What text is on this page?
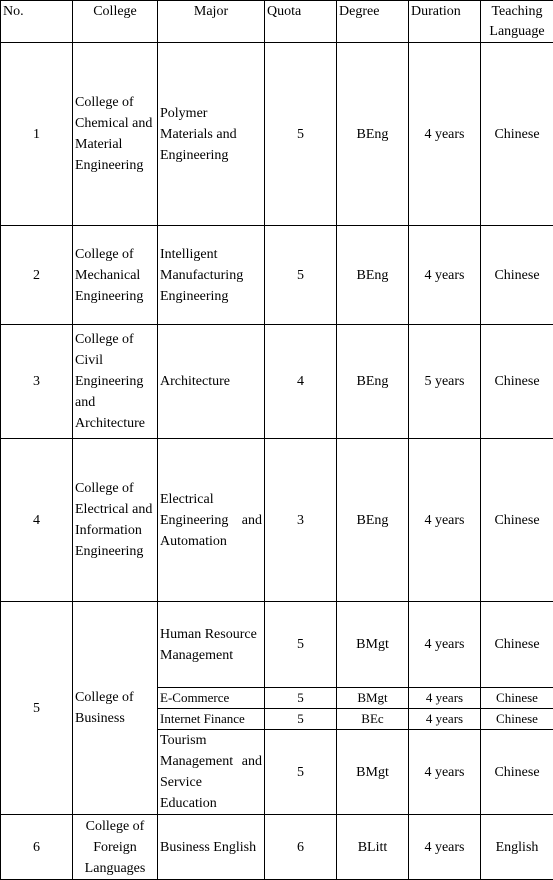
No.	College	Major	Quota	Degree	Duration	Teaching
Language
1	College of Chemical and Material Engineering	Polymer Materials and Engineering	5	BEng	4 years	Chinese
2	College of Mechanical Engineering	Intelligent Manufacturing Engineering	5	BEng	4 years	Chinese
3	College of Civil Engineering and Architecture	Architecture	4	BEng	5 years	Chinese
4	College of Electrical and Information Engineering	Electrical Engineering and Automation	3	BEng	4 years	Chinese
5	College of Business	Human Resource Management	5	BMgt	4 years	Chinese
		E-Commerce	5	BMgt	4 years	Chinese
		Internet Finance	5	BEc	4 years	Chinese
		Tourism Management and Service Education	5	BMgt	4 years	Chinese
6	College of Foreign Languages	Business English	6	BLitt	4 years	English
